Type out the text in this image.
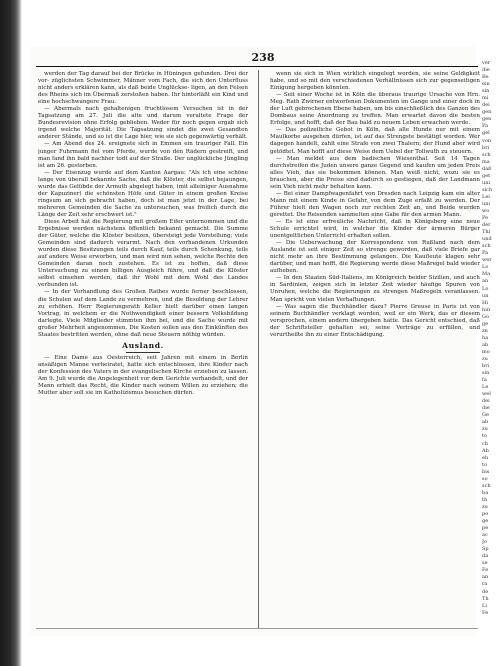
238

werden der Tag darauf bei der Brücke in Hüningen gefunden. Drei der vor- züglichsten Schwimmer, Männer vom Fach, die sich den Unterfluss nicht anders erklären kann, als daß beide Unglückse- ligen, an den Felsen des Rheins sich im Übermaß zerstoßen haben. Ihr hinterläßt ein Kind und eine hochschwangere Frau.

— Abermals nach gehaltenigen fruchtlosem Versuchen ist in der Tagsatzung am 27. Juli die alte und darum veraltete Frage der Bundesrevision ohne Erfolg geblieben. Weder für noch gegen ergab sich irgend welche Majorität. Die Tagsatzung sindet die zwei Gesandten anderer Stände, und so ist die Lage hier, wie sie sich gegenwärtig verhält.

— Am Abend des 24. ereignete sich in Emmen ein trauriger Fall. Ein junger Fuhrmann fiel vom Pferde, wurde von den Rädern gestreift, und man fand ihn bald nachher todt auf der Straße. Der unglückliche Jüngling ist am 26. gestorben.

— Der Eisenzug wurde auf dem Kanton Aargau: "Als ich eine schöne lange von überall bekannte Sache, daß die Klöster, die selbst bejaungen, wurde das Gelübde der Armuth abgelegt haben, (mit alleiniger Ausnahme der Kapuziner) die schönsten Höfe und Güter in einem großen Kreise ringsum an sich gebracht haben, doch ist man jetzt in der Lage, bei mehreren Gemeinden die Sache zu untersuchen, was freilich durch die Länge der Zeit sehr erschwert ist."

Diese Arbeit hat die Regierung mit großem Eifer unternommen und die Ergebnisse werden nächstens öffentlich bekannt gemacht. Die Summe der Güter, welche die Klöster besitzen, übersteigt jede Vorstellung; viele Gemeinden sind dadurch verarmt. Nach den vorhandenen Urkunden wurden diese Besitzungen teils durch Kauf, teils durch Schenkung, teils auf andere Weise erworben, und man wird nun sehen, welche Rechte den Gemeinden daran noch zustehen. Es ist zu hoffen, daß diese Untersuchung zu einem billigen Ausgleich führe, und daß die Klöster selbst einsehen werden, daß ihr Wohl mit dem Wohl des Landes verbunden ist.

— In der Verhandlung des Großen Rathes wurde ferner beschlossen, die Schulen auf dem Lande zu vermehren, und die Besoldung der Lehrer zu erhöhen. Herr Regierungsrath Keller hielt darüber einen langen Vortrag, in welchem er die Nothwendigkeit einer bessern Volksbildung darlegte. Viele Mitglieder stimmten ihm bei, und die Sache wurde mit großer Mehrheit angenommen. Die Kosten sollen aus den Einkünften des Staates bestritten werden, ohne daß neue Steuern nöthig würden.

Ausland.

— Eine Dame aus Oesterreich, seit Jahren mit einem in Berlin ansäßigen Manne verheiratet, hatte sich entschlossen, ihre Kinder nach der Konfession des Vaters in der evangelischen Kirche erziehen zu lassen. Am 9. Juli wurde die Angelegenheit vor dem Gerichte verhandelt, und der Mann erhielt das Recht, die Kinder nach seinem Willen zu erziehen; die Mutter aber soll sie im Katholizismus besuchen dürfen.

wenn sie sich in Wien wirklich eingelegt worden, sie seine Geldigkeit habe, und so mit den verschiedenen Verhältnissen sich zur gegenseitigen Einigung hergeben könnten.

— Seit einer Woche ist in Köln die überaus traurige Ursache von Hrn. Meg. Rath Zwirner entworfenen Dokumenten im Gange und einer doch in der Luft gebrochenen Ebene haben, um bis einschließlich des Ganzen des Dombaus seine Anordnung zu treffen. Man erwartet davon die besten Erfolge, und hofft, daß der Bau bald zu neuem Leben erwachen werde.

— Das polizeiliche Gebot in Köln, daß alle Hunde nur mit einem Maulkorbe ausgehen dürfen, ist auf das Strengste bestätigt worden. Wer dagegen handelt, zahlt eine Strafe von zwei Thalern; der Hund aber wird getödtet. Man hofft auf diese Weise dem Uebel der Tollwuth zu steuern.

— Man meldet aus dem badischen Wiesenthal. Seit 14 Tagen durchstreifen die Juden unsere ganze Gegend und kaufen um jeden Preis alles Vieh, das sie bekommen können. Man weiß nicht, wozu sie es brauchen, aber die Preise sind dadurch so gestiegen, daß der Landmann sein Vieh nicht mehr behalten kann.

— Bei einer Dampfwagenfahrt von Dresden nach Leipzig kam ein alter Mann mit einem Kinde in Gefahr, von dem Zuge erfaßt zu werden. Der Führer hielt den Wagen noch zur rechten Zeit an, und Beide wurden gerettet. Die Reisenden sammelten eine Gabe für den armen Mann.

— Es ist eine erfreuliche Nachricht, daß in Königsberg eine neue Schule errichtet wird, in welcher die Kinder der ärmeren Bürger unentgeltlichen Unterricht erhalten sollen.

— Die Ueberwachung der Korrespondenz von Rußland nach dem Auslande ist seit einiger Zeit so strenge geworden, daß viele Briefe gar nicht mehr an ihre Bestimmung gelangen. Die Kaufleute klagen sehr darüber, und man hofft, die Regierung werde diese Maßregel bald wieder aufheben.

— In den Staaten Süd-Italiens, im Königreich beider Sizilien, und auch in Sardinien, zeigen sich in letzter Zeit wieder häufige Spuren von Unruhen, welche die Regierungen zu strengen Maßregeln veranlassen. Man spricht von vielen Verhaftungen.

— Was sagen die Buchhändler dazu? Pierre Greuse in Paris ist von seinem Buchhändler verklagt worden, weil er ein Werk, das er diesem versprochen, einem andern übergeben hatte. Das Gericht entschied, daß der Schriftsteller gehalten sei, seine Verträge zu erfüllen, und verurtheilte ihn zu einer Entschädigung.

ver
die
Be
ein
sin
mi
dei
gen
gen
Pa
gel
von
bri
sch
ma
daß
get
uni
sich
Lei
uni
wo
Pe
der
Thi
und
sch
Pa
wer
Lo
Ma
an
Lo
un
Hi
hin
Go
ge
zn
ha
ab
mo
zu
bri
sin
fa
Le
wel
dei
die
Ge
ab
zu
to
ch
Ab
eb
to
bis
so
sch
ba
th
zu
po
ge
pe
ac
Jo
Sp
da
se
Fe
an
ra
de
Th
Li
Fe
